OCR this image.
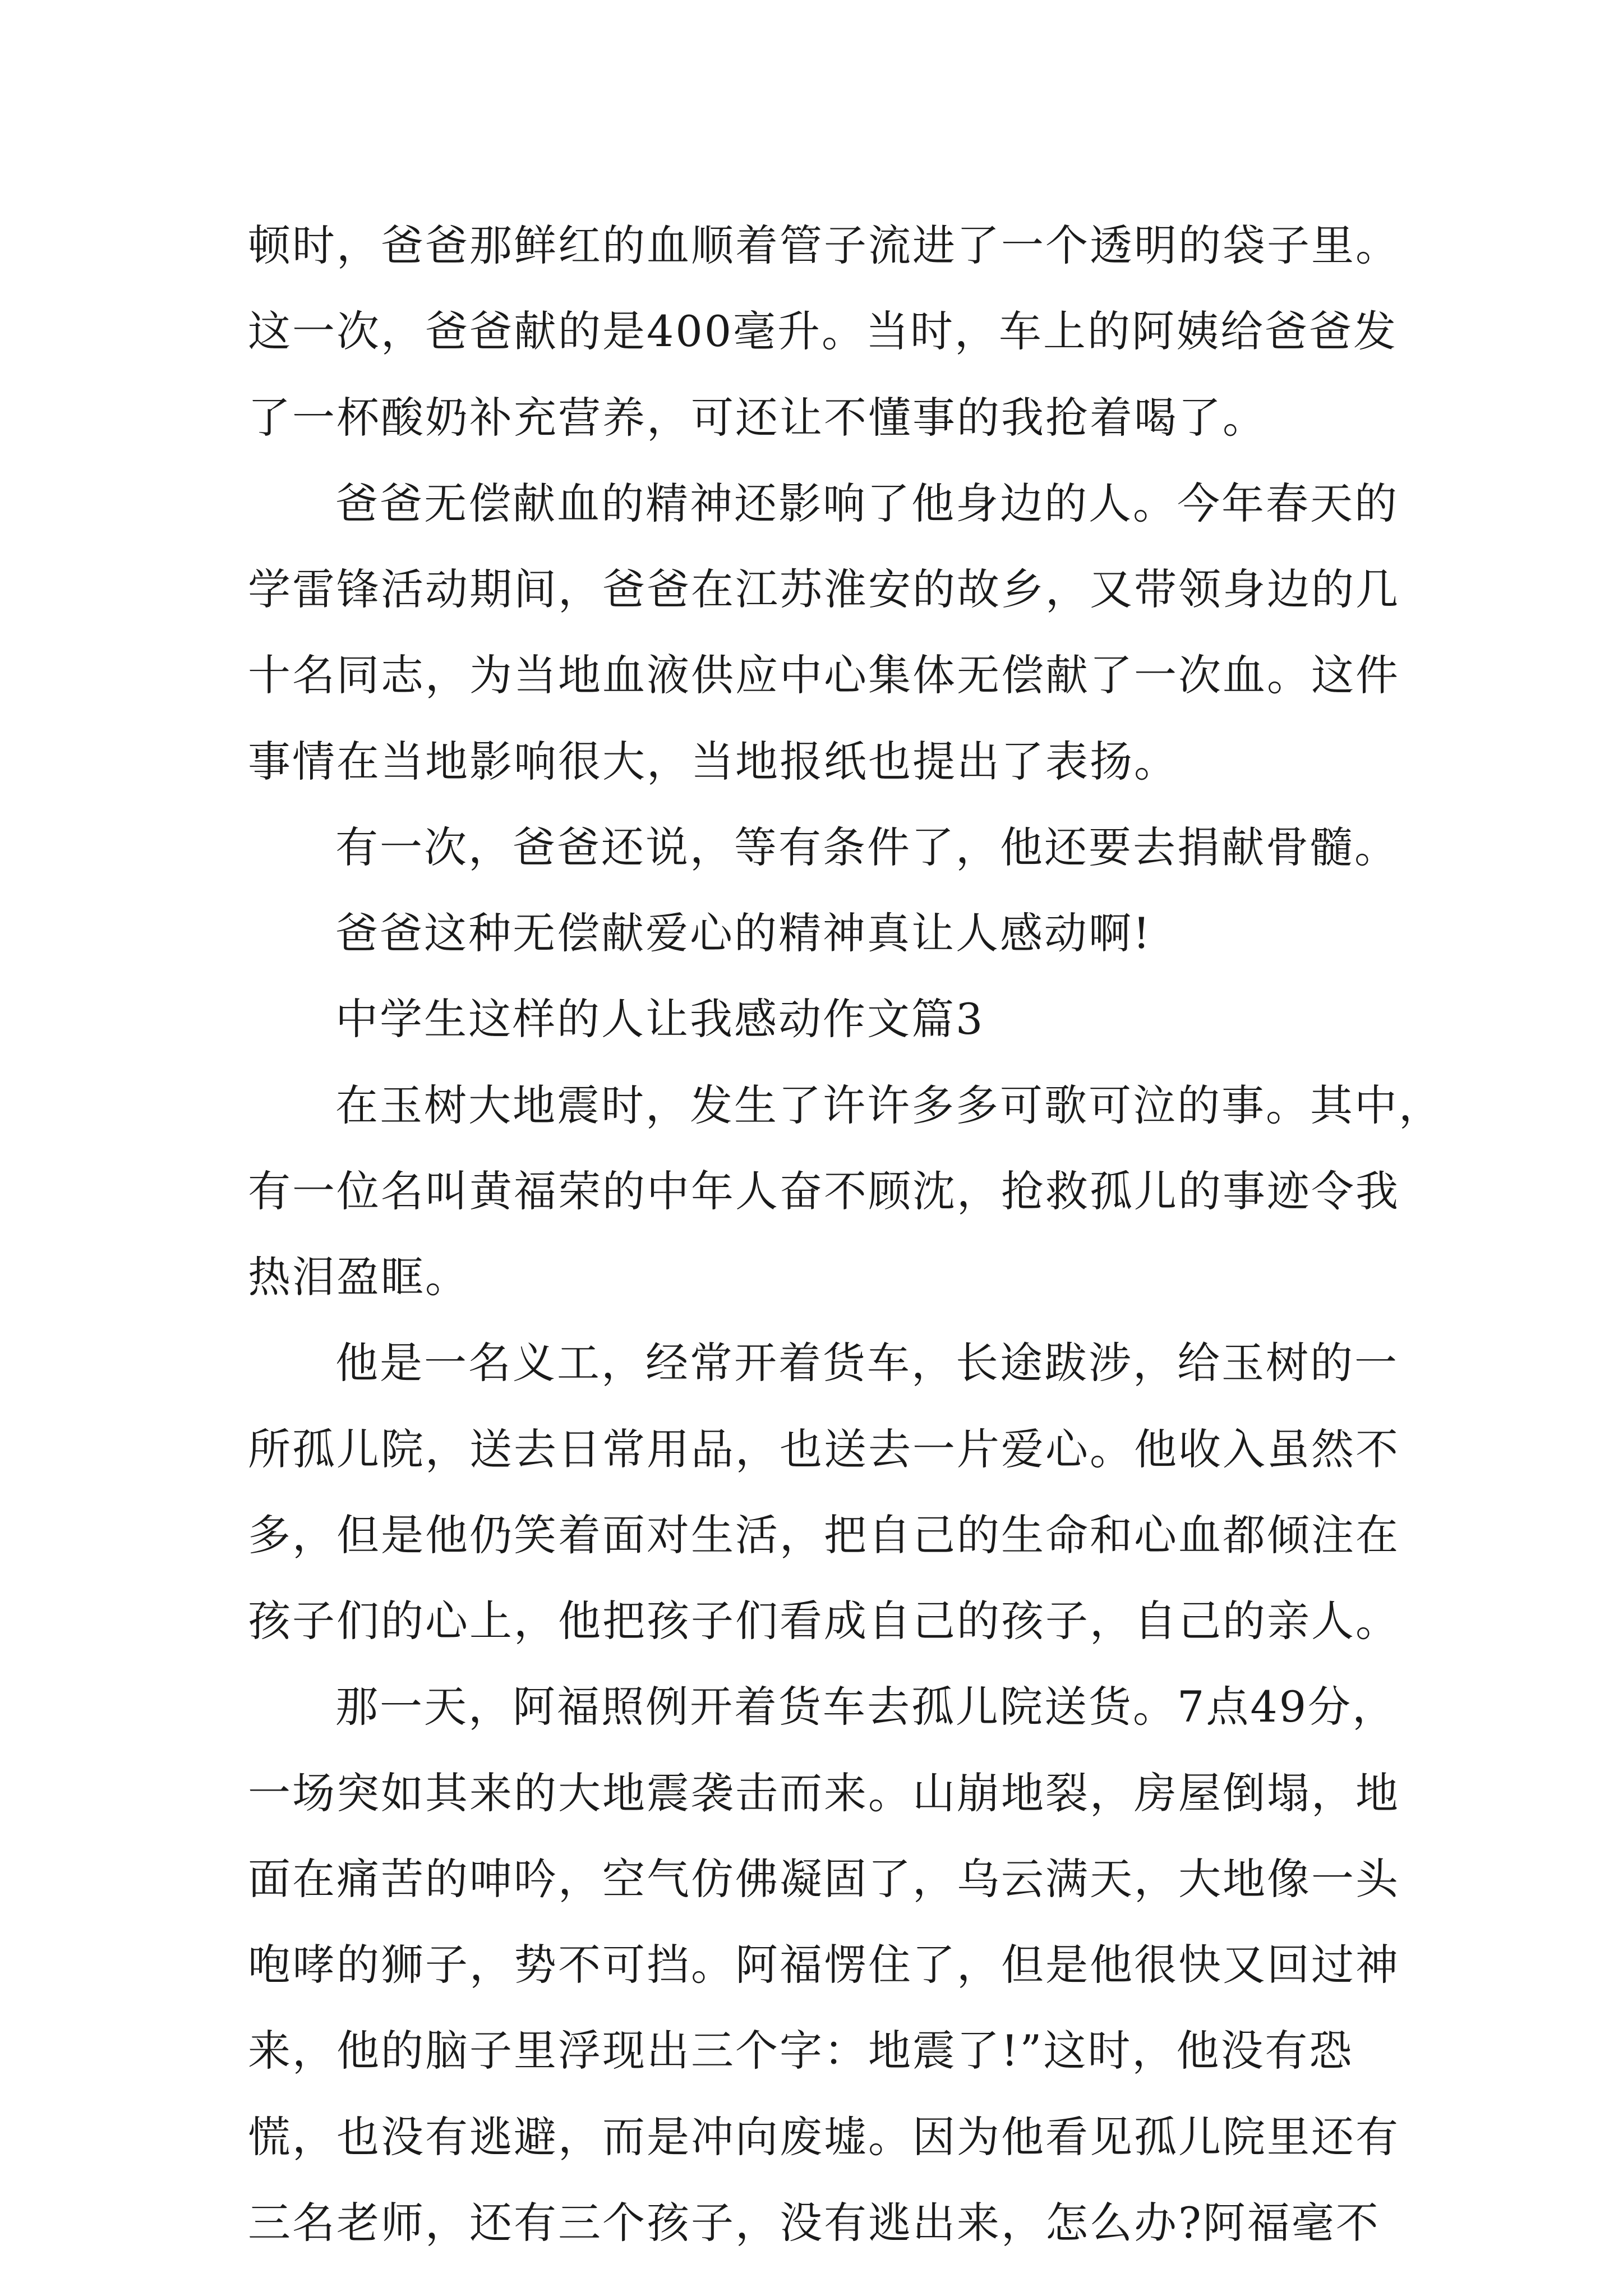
顿时，爸爸那鲜红的血顺着管子流进了一个透明的袋子里。
这一次，爸爸献的是400毫升。当时，车上的阿姨给爸爸发
了一杯酸奶补充营养，可还让不懂事的我抢着喝了。
爸爸无偿献血的精神还影响了他身边的人。今年春天的
学雷锋活动期间，爸爸在江苏淮安的故乡，又带领身边的几
十名同志，为当地血液供应中心集体无偿献了一次血。这件
事情在当地影响很大，当地报纸也提出了表扬。
有一次，爸爸还说，等有条件了，他还要去捐献骨髓。
爸爸这种无偿献爱心的精神真让人感动啊!
中学生这样的人让我感动作文篇3
在玉树大地震时，发生了许许多多可歌可泣的事。其中，
有一位名叫黄福荣的中年人奋不顾沈，抢救孤儿的事迹令我
热泪盈眶。
他是一名义工，经常开着货车，长途跋涉，给玉树的一
所孤儿院，送去日常用品，也送去一片爱心。他收入虽然不
多，但是他仍笑着面对生活，把自己的生命和心血都倾注在
孩子们的心上，他把孩子们看成自己的孩子，自己的亲人。
那一天，阿福照例开着货车去孤儿院送货。7点49分，
一场突如其来的大地震袭击而来。山崩地裂，房屋倒塌，地
面在痛苦的呻吟，空气仿佛凝固了，乌云满天，大地像一头
咆哮的狮子，势不可挡。阿福愣住了，但是他很快又回过神
来，他的脑子里浮现出三个字：地震了!”这时，他没有恐
慌，也没有逃避，而是冲向废墟。因为他看见孤儿院里还有
三名老师，还有三个孩子，没有逃出来，怎么办?阿福毫不
